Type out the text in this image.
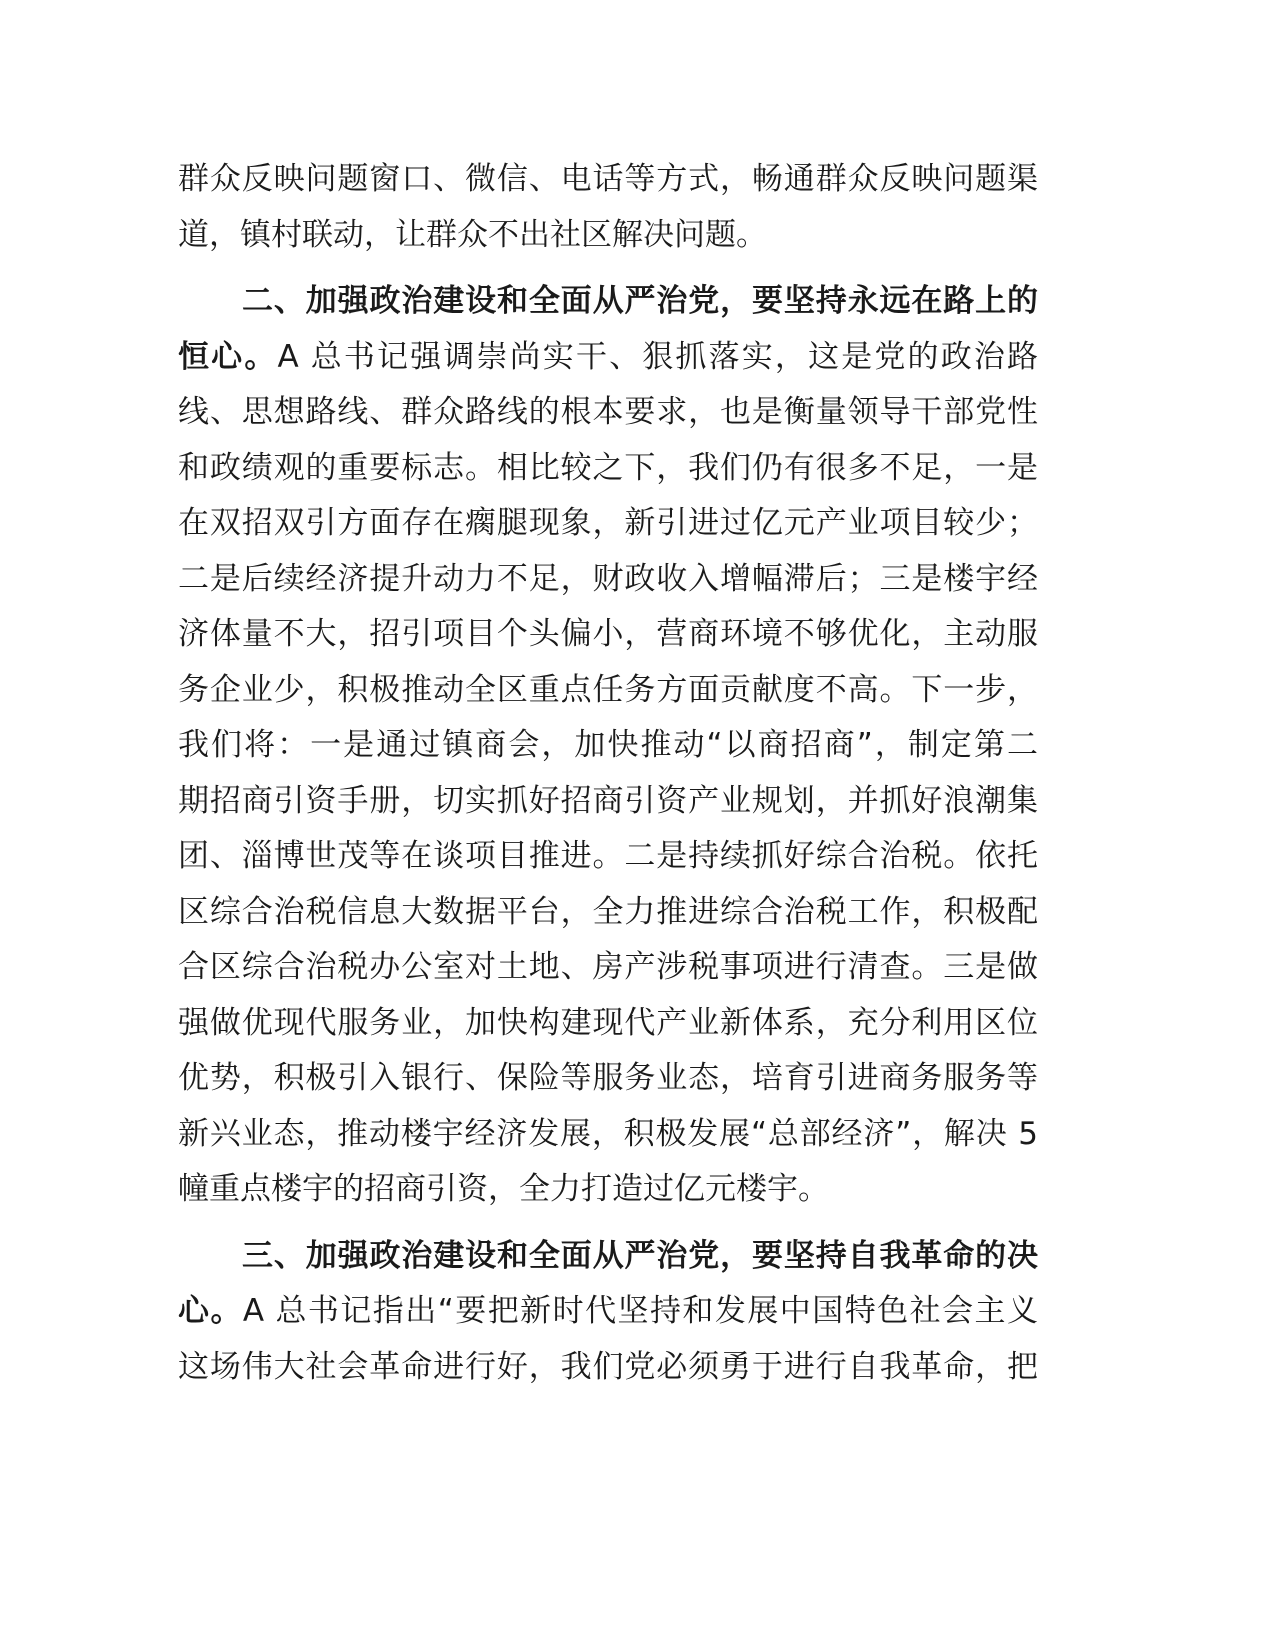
群众反映问题窗口、微信、电话等方式，畅通群众反映问题渠
道，镇村联动，让群众不出社区解决问题。
二、加强政治建设和全面从严治党，要坚持永远在路上的
恒心。A 总书记强调崇尚实干、狠抓落实，这是党的政治路
线、思想路线、群众路线的根本要求，也是衡量领导干部党性
和政绩观的重要标志。相比较之下，我们仍有很多不足，一是
在双招双引方面存在瘸腿现象，新引进过亿元产业项目较少；
二是后续经济提升动力不足，财政收入增幅滞后；三是楼宇经
济体量不大，招引项目个头偏小，营商环境不够优化，主动服
务企业少，积极推动全区重点任务方面贡献度不高。下一步，
我们将：一是通过镇商会，加快推动“以商招商”，制定第二
期招商引资手册，切实抓好招商引资产业规划，并抓好浪潮集
团、淄博世茂等在谈项目推进。二是持续抓好综合治税。依托
区综合治税信息大数据平台，全力推进综合治税工作，积极配
合区综合治税办公室对土地、房产涉税事项进行清查。三是做
强做优现代服务业，加快构建现代产业新体系，充分利用区位
优势，积极引入银行、保险等服务业态，培育引进商务服务等
新兴业态，推动楼宇经济发展，积极发展“总部经济”，解决 5
幢重点楼宇的招商引资，全力打造过亿元楼宇。
三、加强政治建设和全面从严治党，要坚持自我革命的决
心。A 总书记指出“要把新时代坚持和发展中国特色社会主义
这场伟大社会革命进行好，我们党必须勇于进行自我革命，把
